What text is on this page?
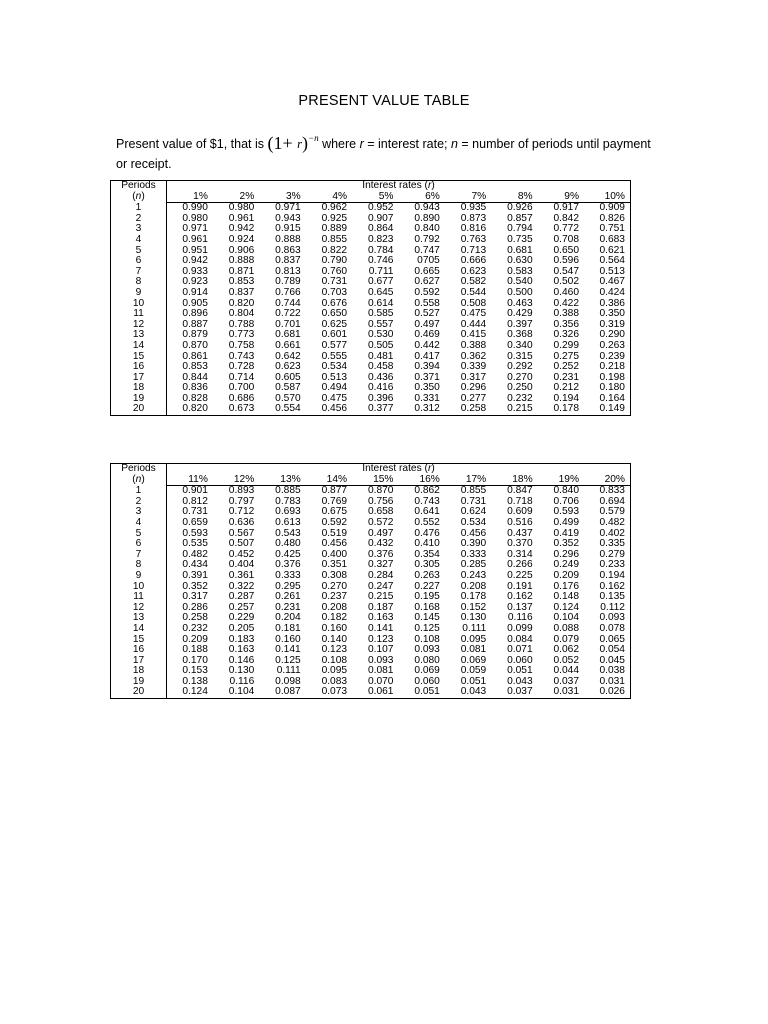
PRESENT VALUE TABLE
Present value of $1, that is $(1+ r)^{-n}$ where r = interest rate; n = number of periods until payment or receipt.
Periods	Interest rates (r)									
(n)	1%	2%	3%	4%	5%	6%	7%	8%	9%	10%
1	0.990	0.980	0.971	0.962	0.952	0.943	0.935	0.926	0.917	0.909
2	0.980	0.961	0.943	0.925	0.907	0.890	0.873	0.857	0.842	0.826
3	0.971	0.942	0.915	0.889	0.864	0.840	0.816	0.794	0.772	0.751
4	0.961	0.924	0.888	0.855	0.823	0.792	0.763	0.735	0.708	0.683
5	0.951	0.906	0.863	0.822	0.784	0.747	0.713	0.681	0.650	0.621
6	0.942	0.888	0.837	0.790	0.746	0705	0.666	0.630	0.596	0.564
7	0.933	0.871	0.813	0.760	0.711	0.665	0.623	0.583	0.547	0.513
8	0.923	0.853	0.789	0.731	0.677	0.627	0.582	0.540	0.502	0.467
9	0.914	0.837	0.766	0.703	0.645	0.592	0.544	0.500	0.460	0.424
10	0.905	0.820	0.744	0.676	0.614	0.558	0.508	0.463	0.422	0.386
11	0.896	0.804	0.722	0.650	0.585	0.527	0.475	0.429	0.388	0.350
12	0.887	0.788	0.701	0.625	0.557	0.497	0.444	0.397	0.356	0.319
13	0.879	0.773	0.681	0.601	0.530	0.469	0.415	0.368	0.326	0.290
14	0.870	0.758	0.661	0.577	0.505	0.442	0.388	0.340	0.299	0.263
15	0.861	0.743	0.642	0.555	0.481	0.417	0.362	0.315	0.275	0.239
16	0.853	0.728	0.623	0.534	0.458	0.394	0.339	0.292	0.252	0.218
17	0.844	0.714	0.605	0.513	0.436	0.371	0.317	0.270	0.231	0.198
18	0.836	0.700	0.587	0.494	0.416	0.350	0.296	0.250	0.212	0.180
19	0.828	0.686	0.570	0.475	0.396	0.331	0.277	0.232	0.194	0.164
20	0.820	0.673	0.554	0.456	0.377	0.312	0.258	0.215	0.178	0.149
Periods	Interest rates (r)									
(n)	11%	12%	13%	14%	15%	16%	17%	18%	19%	20%
1	0.901	0.893	0.885	0.877	0.870	0.862	0.855	0.847	0.840	0.833
2	0.812	0.797	0.783	0.769	0.756	0.743	0.731	0.718	0.706	0.694
3	0.731	0.712	0.693	0.675	0.658	0.641	0.624	0.609	0.593	0.579
4	0.659	0.636	0.613	0.592	0.572	0.552	0.534	0.516	0.499	0.482
5	0.593	0.567	0.543	0.519	0.497	0.476	0.456	0.437	0.419	0.402
6	0.535	0.507	0.480	0.456	0.432	0.410	0.390	0.370	0.352	0.335
7	0.482	0.452	0.425	0.400	0.376	0.354	0.333	0.314	0.296	0.279
8	0.434	0.404	0.376	0.351	0.327	0.305	0.285	0.266	0.249	0.233
9	0.391	0.361	0.333	0.308	0.284	0.263	0.243	0.225	0.209	0.194
10	0.352	0.322	0.295	0.270	0.247	0.227	0.208	0.191	0.176	0.162
11	0.317	0.287	0.261	0.237	0.215	0.195	0.178	0.162	0.148	0.135
12	0.286	0.257	0.231	0.208	0.187	0.168	0.152	0.137	0.124	0.112
13	0.258	0.229	0.204	0.182	0.163	0.145	0.130	0.116	0.104	0.093
14	0.232	0.205	0.181	0.160	0.141	0.125	0.111	0.099	0.088	0.078
15	0.209	0.183	0.160	0.140	0.123	0.108	0.095	0.084	0.079	0.065
16	0.188	0.163	0.141	0.123	0.107	0.093	0.081	0.071	0.062	0.054
17	0.170	0.146	0.125	0.108	0.093	0.080	0.069	0.060	0.052	0.045
18	0.153	0.130	0.111	0.095	0.081	0.069	0.059	0.051	0.044	0.038
19	0.138	0.116	0.098	0.083	0.070	0.060	0.051	0.043	0.037	0.031
20	0.124	0.104	0.087	0.073	0.061	0.051	0.043	0.037	0.031	0.026
